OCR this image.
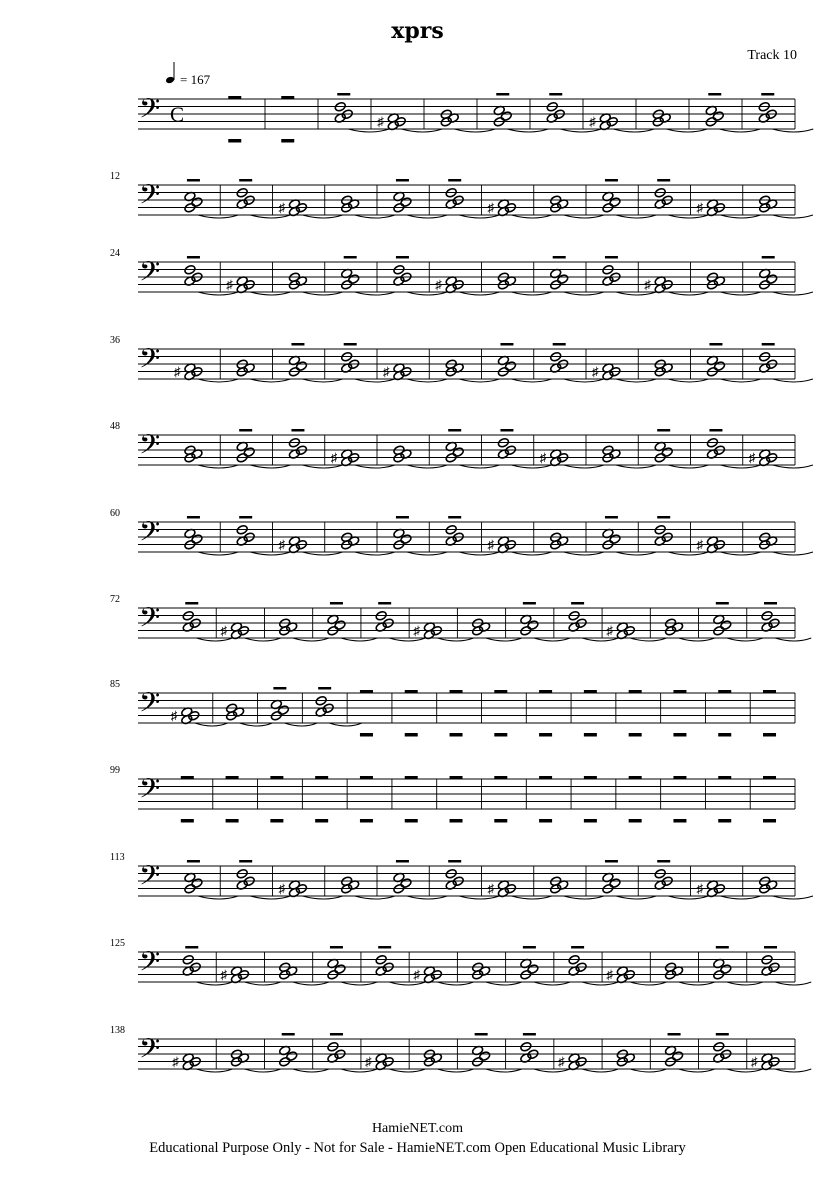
xprs
Track 10
𝄢 C
= 167
♯	♯
𝄢
12
♯	♯	♯
𝄢
24
♯	♯	♯
𝄢
36
♯	♯	♯
𝄢
48
♯	♯	♯
𝄢
60
♯	♯	♯
𝄢
72
♯	♯	♯
𝄢
85
♯
𝄢
99
𝄢
113
♯	♯	♯
𝄢
125
♯	♯	♯
𝄢
138
♯	♯	♯	♯
HamieNET.com
Educational Purpose Only - Not for Sale - HamieNET.com Open Educational Music Library
